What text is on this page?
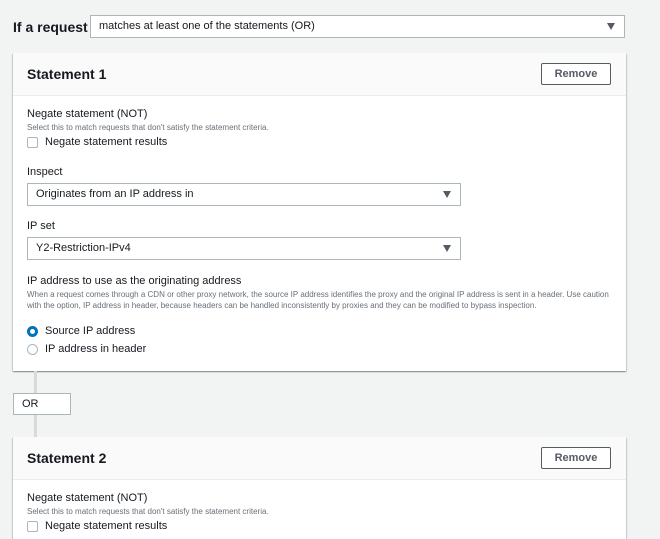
If a request	matches at least one of the statements (OR)
Statement 1	Remove
Negate statement (NOT)
Select this to match requests that don't satisfy the statement criteria.
Negate statement results
Inspect
Originates from an IP address in
IP set
Y2-Restriction-IPv4
IP address to use as the originating address
When a request comes through a CDN or other proxy network, the source IP address identifies the proxy and the original IP address is sent in a header. Use caution with the option, IP address in header, because headers can be handled inconsistently by proxies and they can be modified to bypass inspection.
Source IP address
IP address in header
OR
Statement 2	Remove
Negate statement (NOT)
Select this to match requests that don't satisfy the statement criteria.
Negate statement results
